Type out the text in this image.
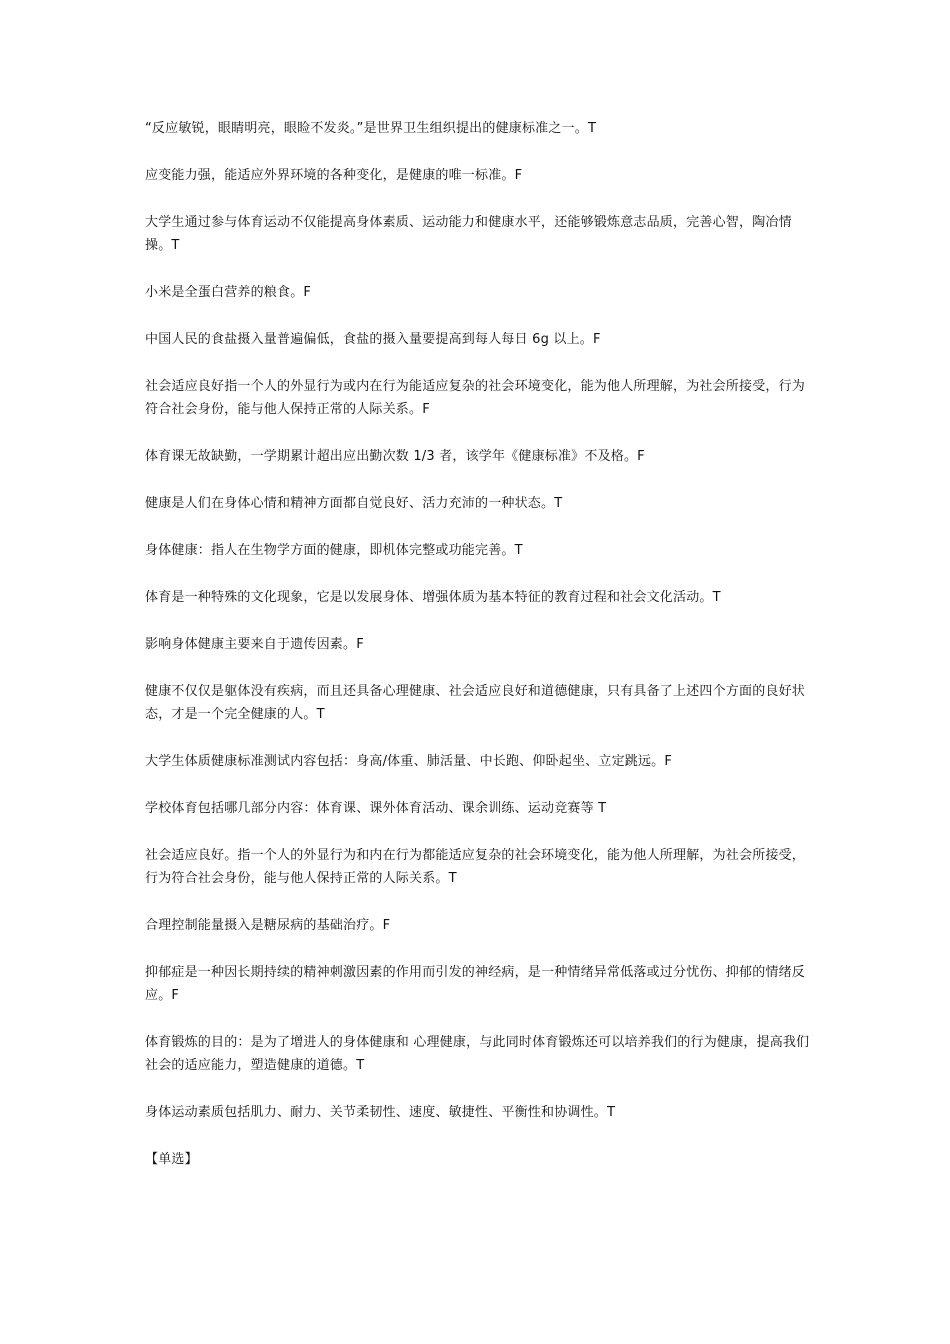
“反应敏锐，眼睛明亮，眼睑不发炎。”是世界卫生组织提出的健康标准之一。T

应变能力强，能适应外界环境的各种变化，是健康的唯一标准。F

大学生通过参与体育运动不仅能提高身体素质、运动能力和健康水平，还能够锻炼意志品质，完善心智，陶冶情操。T

小米是全蛋白营养的粮食。F

中国人民的食盐摄入量普遍偏低，食盐的摄入量要提高到每人每日 6g 以上。F

社会适应良好指一个人的外显行为或内在行为能适应复杂的社会环境变化，能为他人所理解，为社会所接受，行为符合社会身份，能与他人保持正常的人际关系。F

体育课无故缺勤，一学期累计超出应出勤次数 1/3 者，该学年《健康标准》不及格。F

健康是人们在身体心情和精神方面都自觉良好、活力充沛的一种状态。T

身体健康：指人在生物学方面的健康，即机体完整或功能完善。T

体育是一种特殊的文化现象，它是以发展身体、增强体质为基本特征的教育过程和社会文化活动。T

影响身体健康主要来自于遗传因素。F

健康不仅仅是躯体没有疾病，而且还具备心理健康、社会适应良好和道德健康，只有具备了上述四个方面的良好状态，才是一个完全健康的人。T

大学生体质健康标准测试内容包括：身高/体重、肺活量、中长跑、仰卧起坐、立定跳远。F

学校体育包括哪几部分内容：体育课、课外体育活动、课余训练、运动竞赛等 T

社会适应良好。指一个人的外显行为和内在行为都能适应复杂的社会环境变化，能为他人所理解，为社会所接受，行为符合社会身份，能与他人保持正常的人际关系。T

合理控制能量摄入是糖尿病的基础治疗。F

抑郁症是一种因长期持续的精神刺激因素的作用而引发的神经病，是一种情绪异常低落或过分忧伤、抑郁的情绪反应。F

体育锻炼的目的：是为了增进人的身体健康和 心理健康，与此同时体育锻炼还可以培养我们的行为健康，提高我们社会的适应能力，塑造健康的道德。T

身体运动素质包括肌力、耐力、关节柔韧性、速度、敏捷性、平衡性和协调性。T

【单选】
